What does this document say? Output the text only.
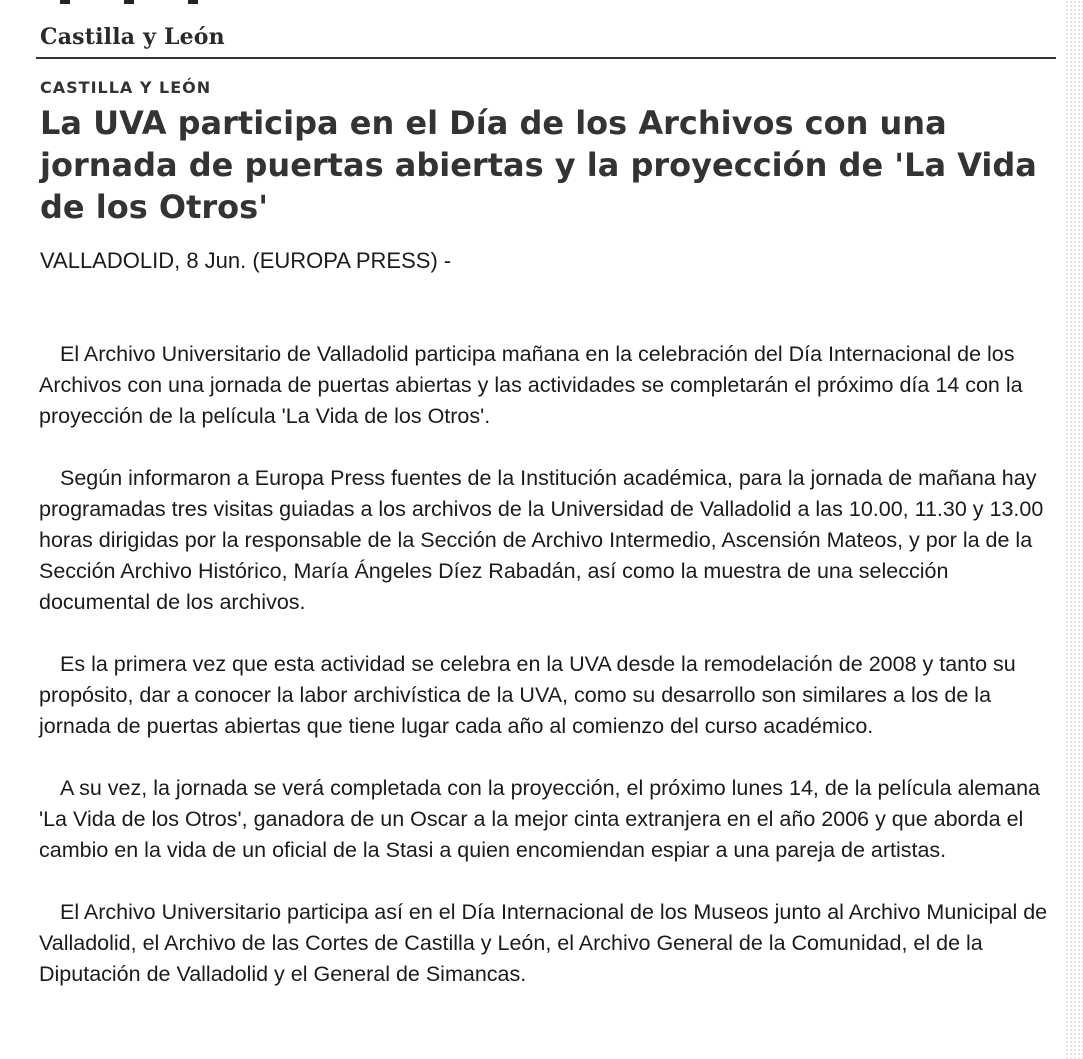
Castilla y León
CASTILLA Y LEÓN
La UVA participa en el Día de los Archivos con una jornada de puertas abiertas y la proyección de 'La Vida de los Otros'
VALLADOLID, 8 Jun. (EUROPA PRESS) -

El Archivo Universitario de Valladolid participa mañana en la celebración del Día Internacional de los Archivos con una jornada de puertas abiertas y las actividades se completarán el próximo día 14 con la proyección de la película 'La Vida de los Otros'.

Según informaron a Europa Press fuentes de la Institución académica, para la jornada de mañana hay programadas tres visitas guiadas a los archivos de la Universidad de Valladolid a las 10.00, 11.30 y 13.00 horas dirigidas por la responsable de la Sección de Archivo Intermedio, Ascensión Mateos, y por la de la Sección Archivo Histórico, María Ángeles Díez Rabadán, así como la muestra de una selección documental de los archivos.

Es la primera vez que esta actividad se celebra en la UVA desde la remodelación de 2008 y tanto su propósito, dar a conocer la labor archivística de la UVA, como su desarrollo son similares a los de la jornada de puertas abiertas que tiene lugar cada año al comienzo del curso académico.

A su vez, la jornada se verá completada con la proyección, el próximo lunes 14, de la película alemana 'La Vida de los Otros', ganadora de un Oscar a la mejor cinta extranjera en el año 2006 y que aborda el cambio en la vida de un oficial de la Stasi a quien encomiendan espiar a una pareja de artistas.

El Archivo Universitario participa así en el Día Internacional de los Museos junto al Archivo Municipal de Valladolid, el Archivo de las Cortes de Castilla y León, el Archivo General de la Comunidad, el de la Diputación de Valladolid y el General de Simancas.
